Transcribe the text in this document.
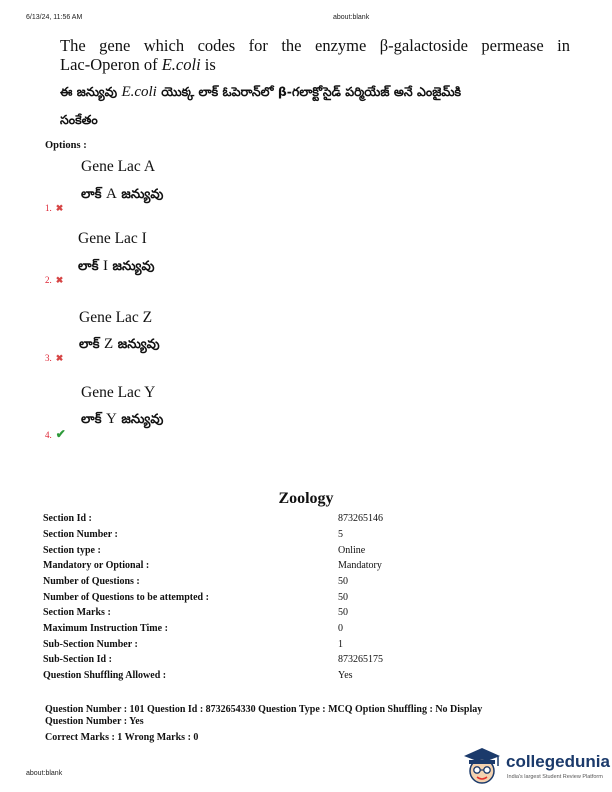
6/13/24, 11:56 AM	about:blank
The gene which codes for the enzyme β-galactoside permease in
Lac-Operon of E.coli is
ఈ జన్యువు E.coli యొక్క లాక్ ఓపెరాన్‌లో β-గలాక్టోసైడ్ పర్మియేజ్ అనే ఎంజైమ్‌కి
సంకేతం
Options :
Gene Lac A
లాక్ A జన్యువు
1. ✖
Gene Lac I
లాక్ I జన్యువు
2. ✖
Gene Lac Z
లాక్ Z జన్యువు
3. ✖
Gene Lac Y
లాక్ Y జన్యువు
4. ✔
Zoology
Section Id :	873265146
Section Number :	5
Section type :	Online
Mandatory or Optional :	Mandatory
Number of Questions :	50
Number of Questions to be attempted :	50
Section Marks :	50
Maximum Instruction Time :	0
Sub-Section Number :	1
Sub-Section Id :	873265175
Question Shuffling Allowed :	Yes
Question Number : 101 Question Id : 8732654330 Question Type : MCQ Option Shuffling : No Display
Question Number : Yes
Correct Marks : 1 Wrong Marks : 0
about:blank
collegedunia
India's largest Student Review Platform
